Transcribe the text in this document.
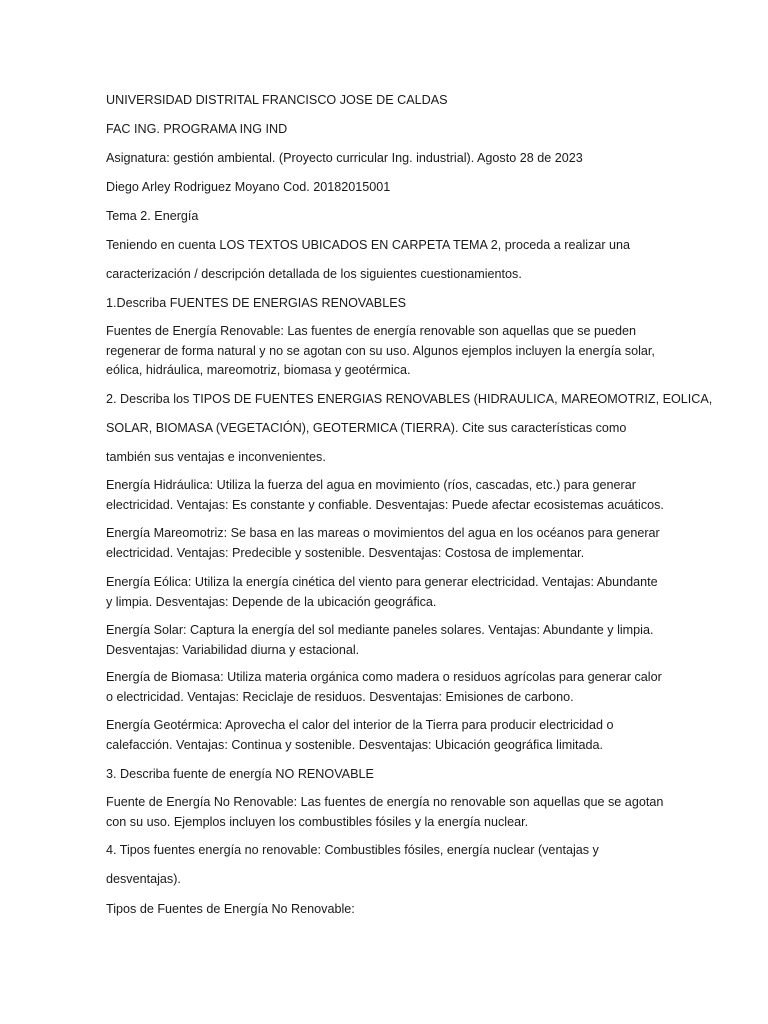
UNIVERSIDAD DISTRITAL FRANCISCO JOSE DE CALDAS
FAC ING. PROGRAMA ING IND
Asignatura: gestión ambiental. (Proyecto curricular Ing. industrial). Agosto 28 de 2023
Diego Arley Rodriguez Moyano Cod. 20182015001
Tema 2. Energía
Teniendo en cuenta LOS TEXTOS UBICADOS EN CARPETA TEMA 2, proceda a realizar una
caracterización / descripción detallada de los siguientes cuestionamientos.
1.Describa FUENTES DE ENERGIAS RENOVABLES
Fuentes de Energía Renovable: Las fuentes de energía renovable son aquellas que se pueden
regenerar de forma natural y no se agotan con su uso. Algunos ejemplos incluyen la energía solar,
eólica, hidráulica, mareomotriz, biomasa y geotérmica.
2. Describa los TIPOS DE FUENTES ENERGIAS RENOVABLES (HIDRAULICA, MAREOMOTRIZ, EOLICA,
SOLAR, BIOMASA (VEGETACIÓN), GEOTERMICA (TIERRA). Cite sus características como
también sus ventajas e inconvenientes.
Energía Hidráulica: Utiliza la fuerza del agua en movimiento (ríos, cascadas, etc.) para generar
electricidad. Ventajas: Es constante y confiable. Desventajas: Puede afectar ecosistemas acuáticos.
Energía Mareomotriz: Se basa en las mareas o movimientos del agua en los océanos para generar
electricidad. Ventajas: Predecible y sostenible. Desventajas: Costosa de implementar.
Energía Eólica: Utiliza la energía cinética del viento para generar electricidad. Ventajas: Abundante
y limpia. Desventajas: Depende de la ubicación geográfica.
Energía Solar: Captura la energía del sol mediante paneles solares. Ventajas: Abundante y limpia.
Desventajas: Variabilidad diurna y estacional.
Energía de Biomasa: Utiliza materia orgánica como madera o residuos agrícolas para generar calor
o electricidad. Ventajas: Reciclaje de residuos. Desventajas: Emisiones de carbono.
Energía Geotérmica: Aprovecha el calor del interior de la Tierra para producir electricidad o
calefacción. Ventajas: Continua y sostenible. Desventajas: Ubicación geográfica limitada.
3. Describa fuente de energía NO RENOVABLE
Fuente de Energía No Renovable: Las fuentes de energía no renovable son aquellas que se agotan
con su uso. Ejemplos incluyen los combustibles fósiles y la energía nuclear.
4. Tipos fuentes energía no renovable: Combustibles fósiles, energía nuclear (ventajas y
desventajas).
Tipos de Fuentes de Energía No Renovable:
